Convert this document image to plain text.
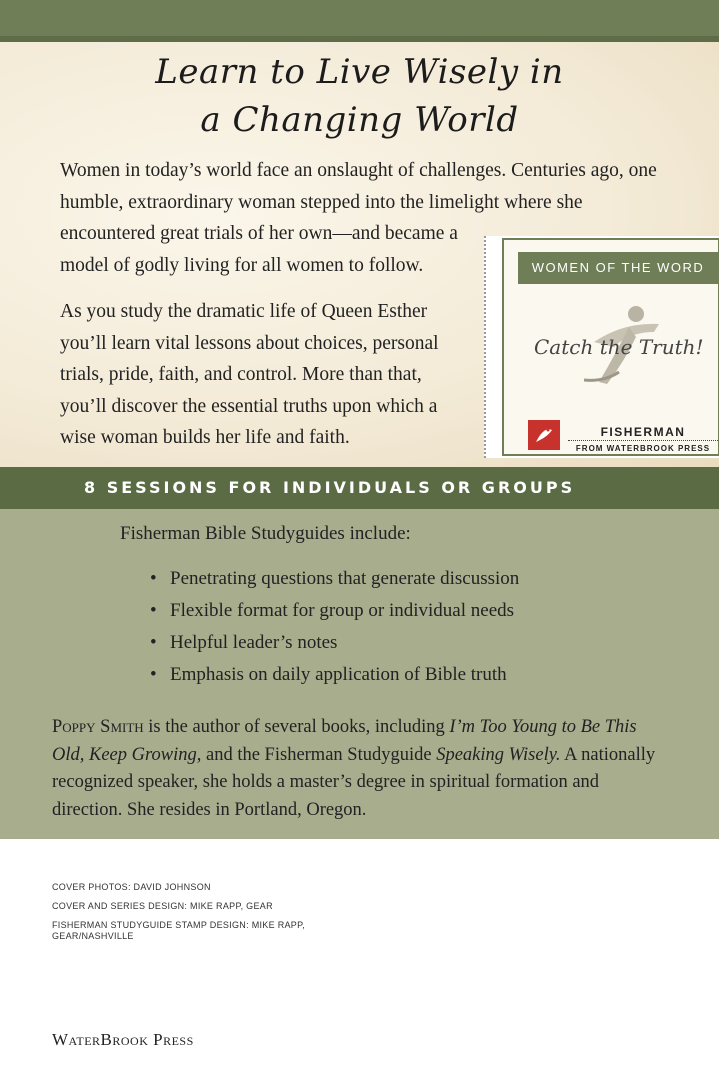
Learn to Live Wisely in
a Changing World

Women in today’s world face an onslaught of challenges. Centuries ago, one humble, extraordinary woman stepped into the limelight where she

encountered great trials of her own—and became a model of godly living for all women to follow.

As you study the dramatic life of Queen Esther you’ll learn vital lessons about choices, personal trials, pride, faith, and control. More than that, you’ll discover the essential truths upon which a wise woman builds her life and faith.

WOMEN OF THE WORD
Catch the Truth!
FISHERMAN
FROM WATERBROOK PRESS
8 SESSIONS FOR INDIVIDUALS OR GROUPS
Fisherman Bible Studyguides include:
• Penetrating questions that generate discussion
• Flexible format for group or individual needs
• Helpful leader’s notes
• Emphasis on daily application of Bible truth

Poppy Smith is the author of several books, including I’m Too Young to Be This Old, Keep Growing, and the Fisherman Studyguide Speaking Wisely. A nationally recognized speaker, she holds a master’s degree in spiritual formation and direction. She resides in Portland, Oregon.

COVER PHOTOS: DAVID JOHNSON
COVER AND SERIES DESIGN: MIKE RAPP, GEAR
FISHERMAN STUDYGUIDE STAMP DESIGN: MIKE RAPP, GEAR/NASHVILLE
WaterBrook Press
